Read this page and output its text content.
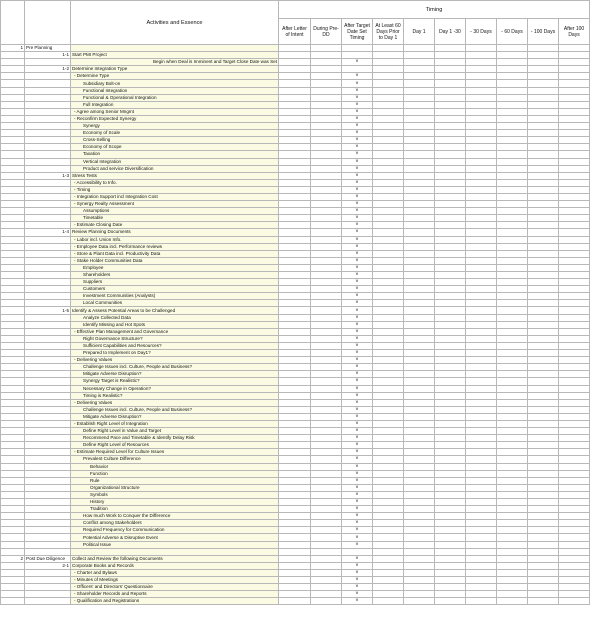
		Activities and Essence	Timing									
			After Letter of Intent	During Pre-DD	After Target Date Set Timing	At Least 60 Days Prior to Day 1	Day 1	Day 1 -30	- 30 Days	- 60 Days	- 100 Days	After 100 Days
1	Pre Planning											
	1-1	Start PMI Project										
		Begin when Deal is Imminent and Target Close Date was Set			v							
	1-2	Determine Integration Type										
		- Determine Type			v							
		Subsidiary Bolt-on			v							
		Functional Integration			v							
		Functional & Operational Integration			v							
		Full Integration			v							
		- Agree among Senior Mngmt			v							
		- Reconfirm Expected Synergy			v							
		Synergy			v							
		Economy of Scale			v							
		Cross-Selling			v							
		Economy of Scope			v							
		Taxation			v							
		Vertical Integration			v							
		Product and service Diversification			v							
	1-3	Stress Tests			v							
		- Accessibility to Info.			v							
		- Timing			v							
		- Integration Support incl Integration Cost			v							
		- Synergy Realty Assessment			v							
		Assumptions			v							
		Timetable			v							
		- Estimate Closing Date			v							
	1-4	Review Planning Documents			v							
		- Labor incl. Union Info.			v							
		- Employee Data incl. Performance reviews			v							
		- Store & Plant Data incl. Productivity Data			v							
		- Stake Holder Communities Data			v							
		Employee			v							
		Shareholders			v							
		Suppliers			v							
		Customers			v							
		Investment Communities (Analysts)			v							
		Local Communities			v							
	1-5	Identify & Assess Potential Areas to be Challenged			v							
		Analyze Collected Data			v							
		Identify Missing and Hot Spots			v							
		- Effective Plan Management and Governance			v							
		Right Governance Structure?			v							
		Sufficient Capabilities and Resources?			v							
		Prepared to Implement on Day1?			v							
		- Delivering Values			v							
		Challenge Issues incl. Culture, People and Business?			v							
		Mitigate Adverse Disruption?			v							
		Synergy Target is Realistic?			v							
		Necessary Change in Operation?			v							
		Timing is Realistic?			v							
		- Delivering Values			v							
		Challenge Issues incl. Culture, People and Business?			v							
		Mitigate Adverse Disruption?			v							
		- Establish Right Level of Integration			v							
		Define Right Level in Value and Target			v							
		Recommend Pace and Timetable & Identify Delay Risk			v							
		Define Right Level of Resources			v							
		- Estimate Required Level for Culture Issues			v							
		Prevalent Culture Difference			v							
		Behavior			v							
		Function			v							
		Rule			v							
		Organizational Structure			v							
		Symbols			v							
		History			v							
		Tradition			v							
		How much Work to Conquer the Difference			v							
		Conflict among Stakeholders			v							
		Required Frequency for Communication			v							
		Potential Adverse & Disruptive Event			v							
		Political Issue			v							

2	Post Due Diligence	Collect and Review the following Documents			v							
	2-1	Corporate Books and Records			v							
		- Charter and Bylaws			v							
		- Minutes of Meetings			v							
		- Officers' and Directors' Questionnaire			v							
		- Shareholder Records and Reports			v							
		- Qualification and Registrations			v							
